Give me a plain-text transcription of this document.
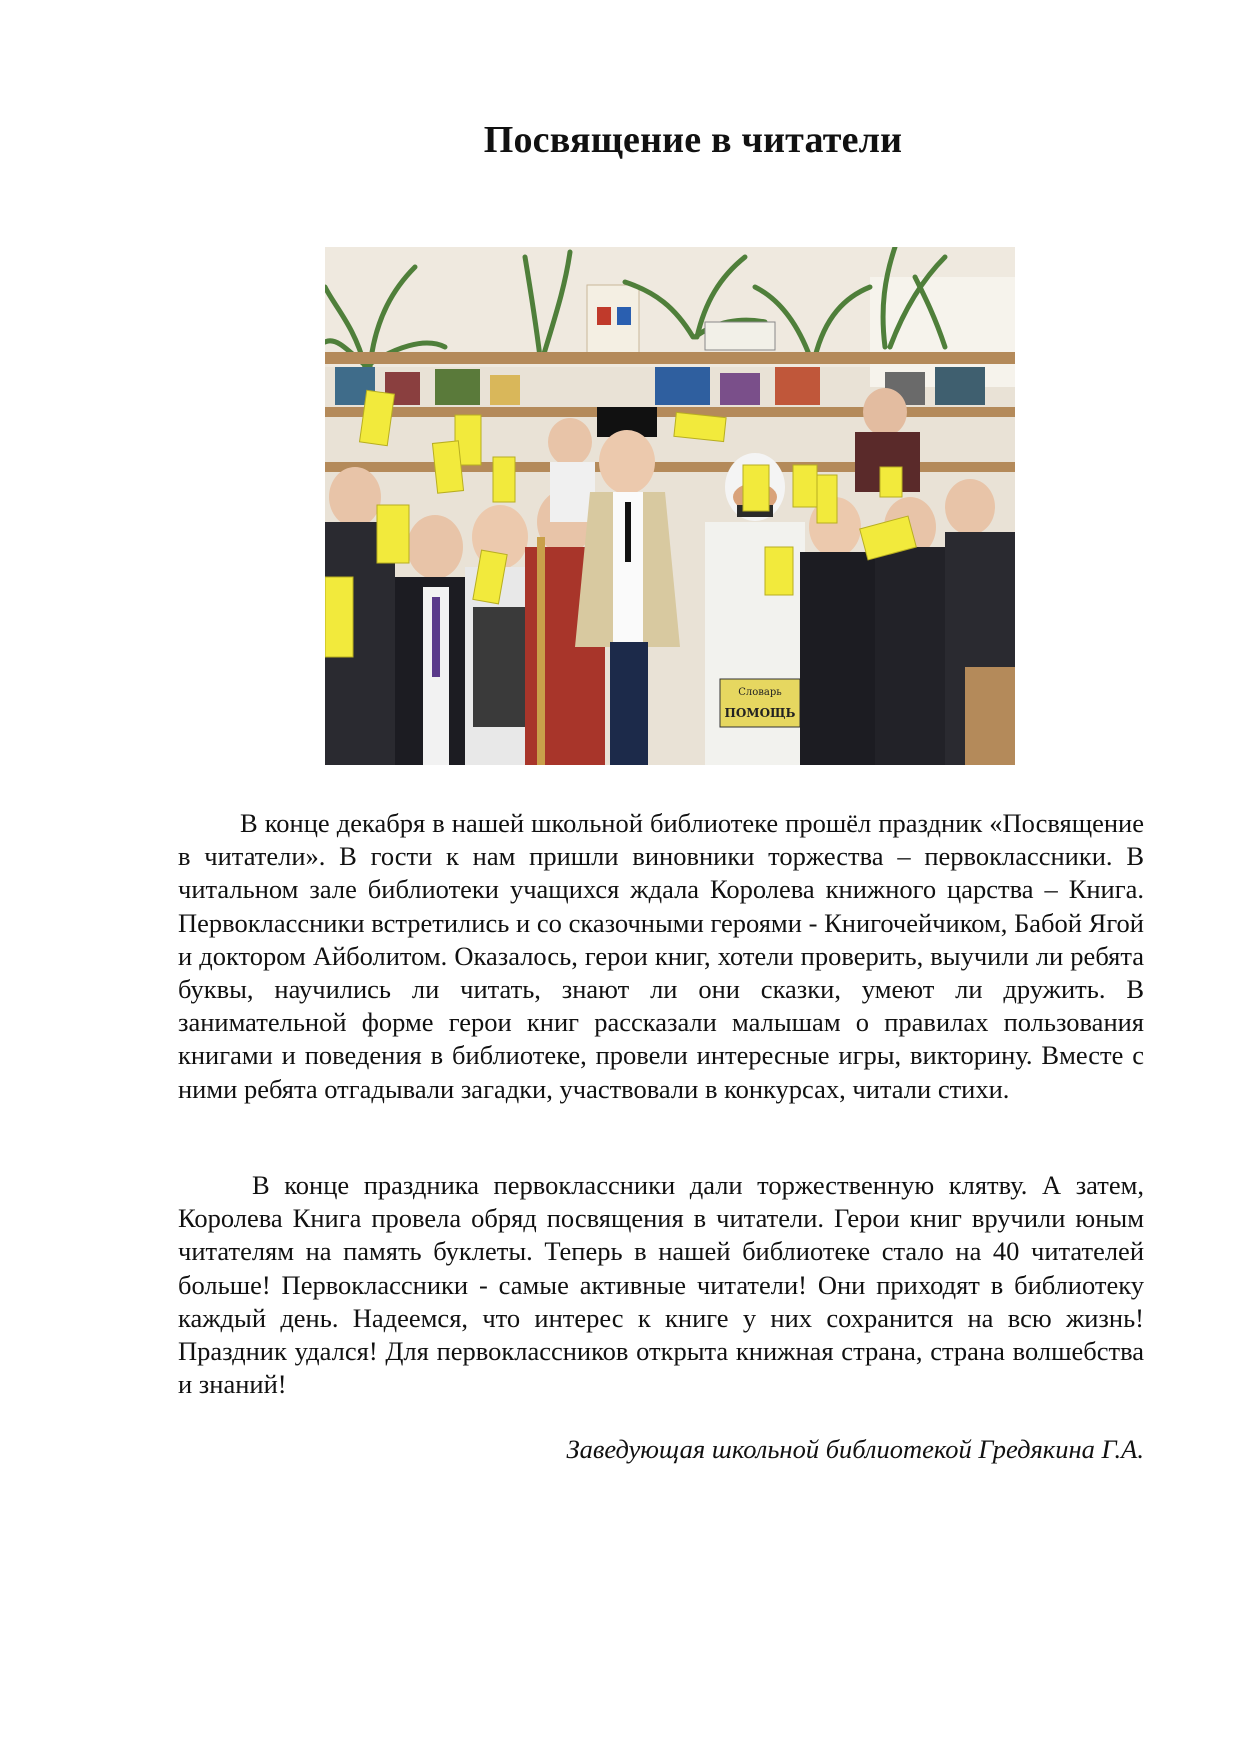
Посвящение в читатели
Словарь
ПОМОЩЬ

В конце декабря в нашей школьной библиотеке прошёл праздник «Посвящение в читатели». В гости к нам пришли виновники торжества – первоклассники. В читальном зале библиотеки учащихся ждала Королева книжного царства – Книга. Первоклассники встретились и со сказочными героями - Книгочейчиком, Бабой Ягой и доктором Айболитом. Оказалось, герои книг, хотели проверить, выучили ли ребята буквы, научились ли читать, знают ли они сказки, умеют ли дружить. В занимательной форме герои книг рассказали малышам о правилах пользования книгами и поведения в библиотеке, провели интересные игры, викторину. Вместе с ними ребята отгадывали загадки, участвовали в конкурсах, читали стихи.

В конце праздника первоклассники дали торжественную клятву. А затем, Королева Книга провела обряд посвящения в читатели. Герои книг вручили юным читателям на память буклеты. Теперь в нашей библиотеке стало на 40 читателей больше! Первоклассники - самые активные читатели! Они приходят в библиотеку каждый день. Надеемся, что интерес к книге у них сохранится на всю жизнь! Праздник удался! Для первоклассников открыта книжная страна, страна волшебства и знаний!

Заведующая школьной библиотекой Гредякина Г.А.
